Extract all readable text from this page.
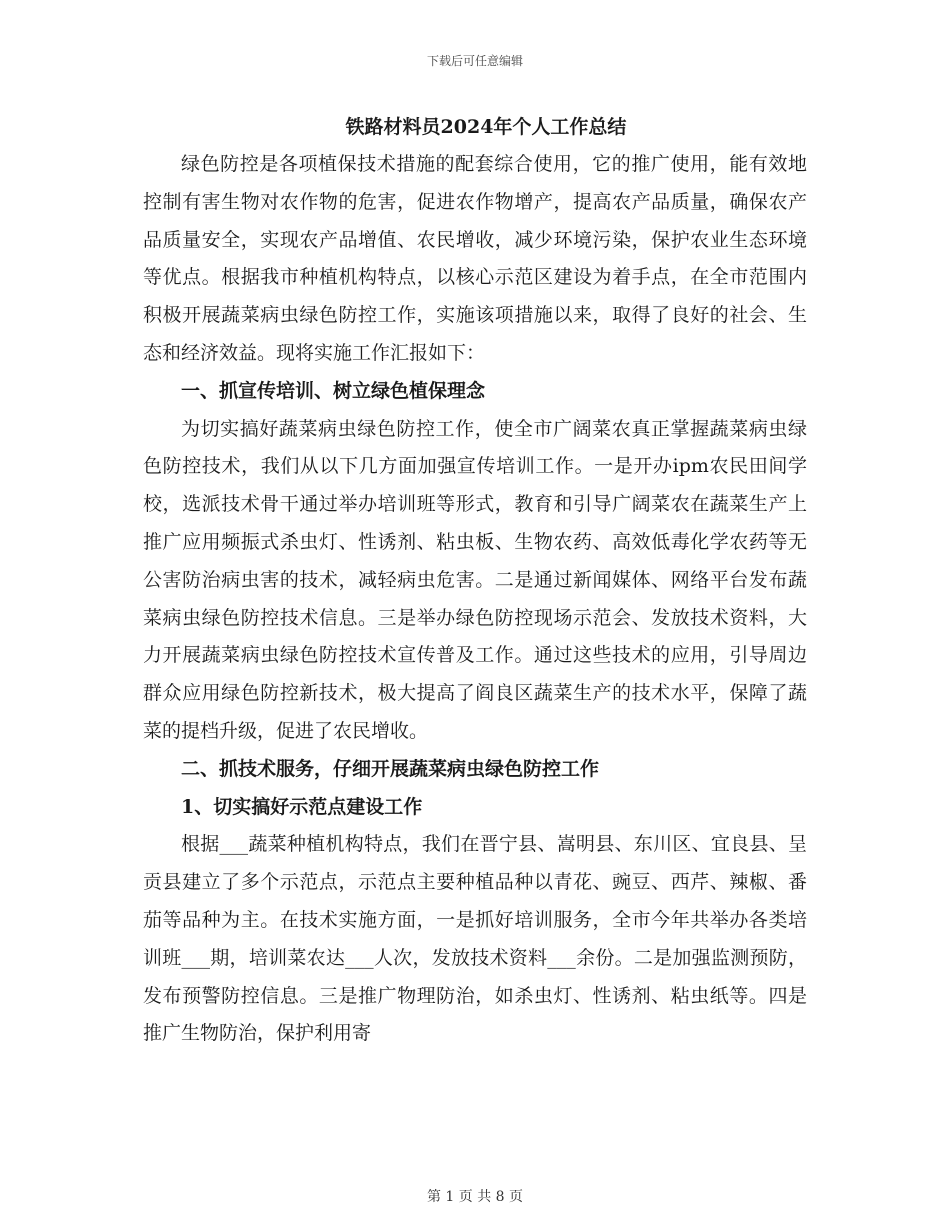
下载后可任意编辑
铁路材料员2024年个人工作总结

绿色防控是各项植保技术措施的配套综合使用，它的推广使用，能有效地控制有害生物对农作物的危害，促进农作物增产，提高农产品质量，确保农产品质量安全，实现农产品增值、农民增收，减少环境污染，保护农业生态环境等优点。根据我市种植机构特点，以核心示范区建设为着手点，在全市范围内积极开展蔬菜病虫绿色防控工作，实施该项措施以来，取得了良好的社会、生态和经济效益。现将实施工作汇报如下：

一、抓宣传培训、树立绿色植保理念

为切实搞好蔬菜病虫绿色防控工作，使全市广阔菜农真正掌握蔬菜病虫绿色防控技术，我们从以下几方面加强宣传培训工作。一是开办ipm农民田间学校，选派技术骨干通过举办培训班等形式，教育和引导广阔菜农在蔬菜生产上推广应用频振式杀虫灯、性诱剂、粘虫板、生物农药、高效低毒化学农药等无公害防治病虫害的技术，减轻病虫危害。二是通过新闻媒体、网络平台发布蔬菜病虫绿色防控技术信息。三是举办绿色防控现场示范会、发放技术资料，大力开展蔬菜病虫绿色防控技术宣传普及工作。通过这些技术的应用，引导周边群众应用绿色防控新技术，极大提高了阎良区蔬菜生产的技术水平，保障了蔬菜的提档升级，促进了农民增收。

二、抓技术服务，仔细开展蔬菜病虫绿色防控工作

1、切实搞好示范点建设工作

根据___蔬菜种植机构特点，我们在晋宁县、嵩明县、东川区、宜良县、呈贡县建立了多个示范点，示范点主要种植品种以青花、豌豆、西芹、辣椒、番茄等品种为主。在技术实施方面，一是抓好培训服务，全市今年共举办各类培训班___期，培训菜农达___人次，发放技术资料___余份。二是加强监测预防，发布预警防控信息。三是推广物理防治，如杀虫灯、性诱剂、粘虫纸等。四是推广生物防治，保护利用寄

第 1 页 共 8 页
